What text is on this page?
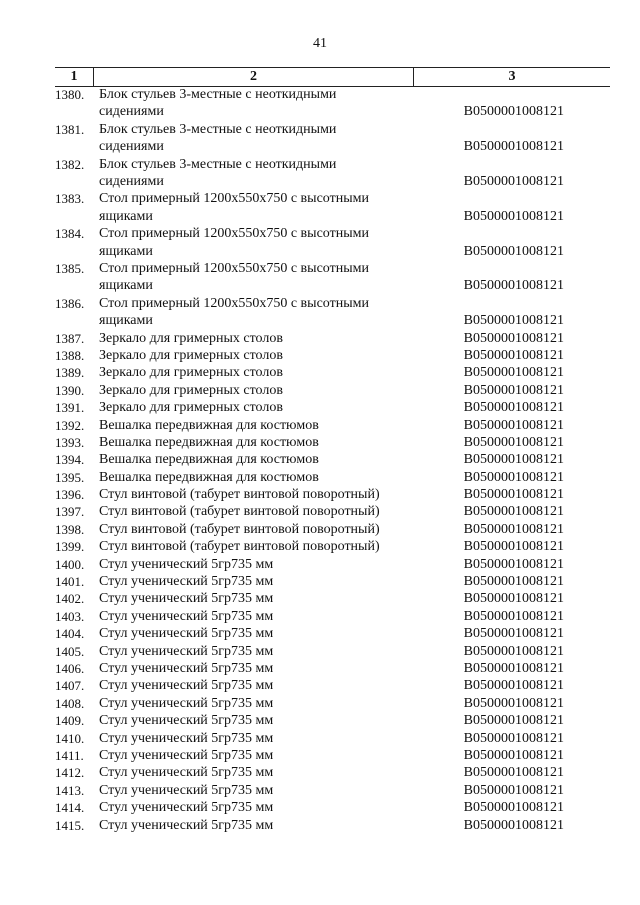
41
1	2	3
1380.	Блок стульев 3-местные с неоткидными
сидениями	В0500001008121
1381.	Блок стульев 3-местные с неоткидными
сидениями	В0500001008121
1382.	Блок стульев 3-местные с неоткидными
сидениями	В0500001008121
1383.	Стол примерный 1200х550х750 с высотными
ящиками	В0500001008121
1384.	Стол примерный 1200х550х750 с высотными
ящиками	В0500001008121
1385.	Стол примерный 1200х550х750 с высотными
ящиками	В0500001008121
1386.	Стол примерный 1200х550х750 с высотными
ящиками	В0500001008121
1387.	Зеркало для гримерных столов	В0500001008121
1388.	Зеркало для гримерных столов	В0500001008121
1389.	Зеркало для гримерных столов	В0500001008121
1390.	Зеркало для гримерных столов	В0500001008121
1391.	Зеркало для гримерных столов	В0500001008121
1392.	Вешалка передвижная для костюмов	В0500001008121
1393.	Вешалка передвижная для костюмов	В0500001008121
1394.	Вешалка передвижная для костюмов	В0500001008121
1395.	Вешалка передвижная для костюмов	В0500001008121
1396.	Стул винтовой (табурет винтовой поворотный)	В0500001008121
1397.	Стул винтовой (табурет винтовой поворотный)	В0500001008121
1398.	Стул винтовой (табурет винтовой поворотный)	В0500001008121
1399.	Стул винтовой (табурет винтовой поворотный)	В0500001008121
1400.	Стул ученический 5гр735 мм	В0500001008121
1401.	Стул ученический 5гр735 мм	В0500001008121
1402.	Стул ученический 5гр735 мм	В0500001008121
1403.	Стул ученический 5гр735 мм	В0500001008121
1404.	Стул ученический 5гр735 мм	В0500001008121
1405.	Стул ученический 5гр735 мм	В0500001008121
1406.	Стул ученический 5гр735 мм	В0500001008121
1407.	Стул ученический 5гр735 мм	В0500001008121
1408.	Стул ученический 5гр735 мм	В0500001008121
1409.	Стул ученический 5гр735 мм	В0500001008121
1410.	Стул ученический 5гр735 мм	В0500001008121
1411.	Стул ученический 5гр735 мм	В0500001008121
1412.	Стул ученический 5гр735 мм	В0500001008121
1413.	Стул ученический 5гр735 мм	В0500001008121
1414.	Стул ученический 5гр735 мм	В0500001008121
1415.	Стул ученический 5гр735 мм	В0500001008121
